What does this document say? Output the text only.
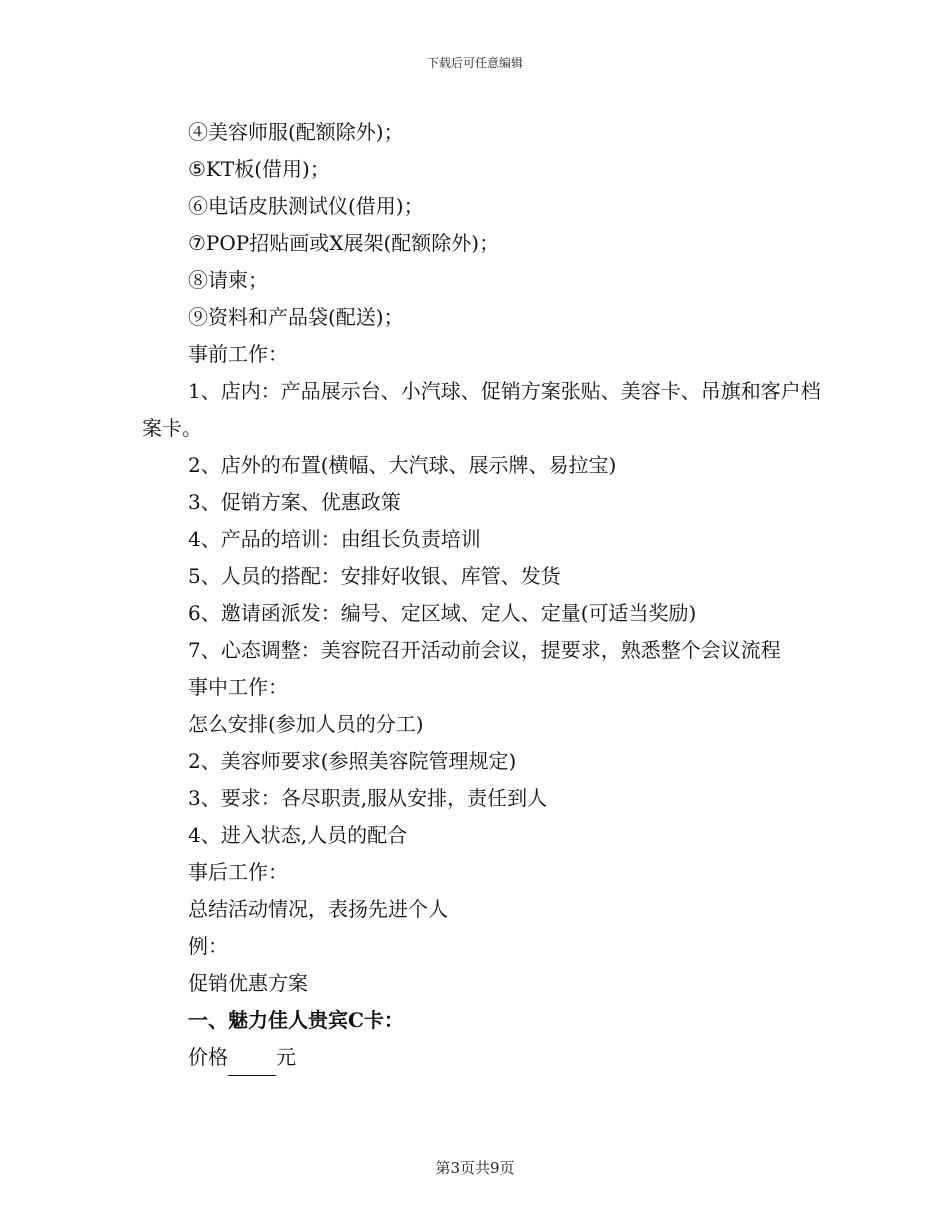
下载后可任意编辑

④美容师服(配额除外)；

⑤KT板(借用)；

⑥电话皮肤测试仪(借用)；

⑦POP招贴画或X展架(配额除外)；

⑧请柬；

⑨资料和产品袋(配送)；

事前工作：

1、店内：产品展示台、小汽球、促销方案张贴、美容卡、吊旗和客户档案卡。

2、店外的布置(横幅、大汽球、展示牌、易拉宝)

3、促销方案、优惠政策

4、产品的培训：由组长负责培训

5、人员的搭配：安排好收银、库管、发货

6、邀请函派发：编号、定区域、定人、定量(可适当奖励)

7、心态调整：美容院召开活动前会议，提要求，熟悉整个会议流程

事中工作：

怎么安排(参加人员的分工)

2、美容师要求(参照美容院管理规定)

3、要求：各尽职责,服从安排，责任到人

4、进入状态,人员的配合

事后工作：

总结活动情况，表扬先进个人

例：

促销优惠方案

一、魅力佳人贵宾C卡：

价格 元

第3页共9页
